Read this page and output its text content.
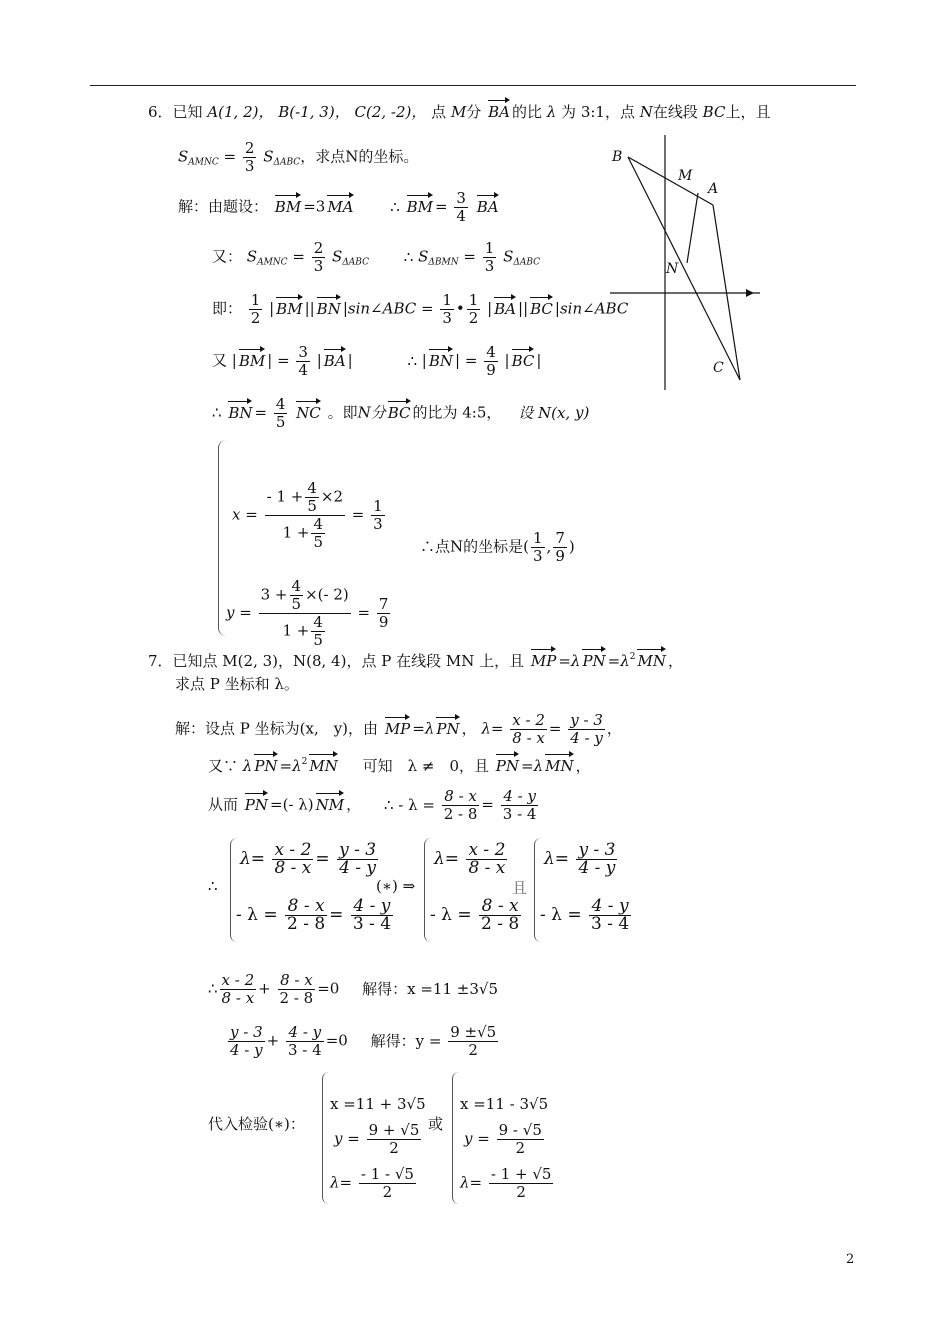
6．已知 A(1, 2)， B(-1, 3)， C(2, -2)， 点 M分 BA 的比 λ 为 3:1，点 N在线段 BC上，且
$S_{AMNC} = \frac{2}{3} S_{\Delta ABC}$，求点N的坐标。
解：由题设： BM =3 MA ∴ BM = $\frac{3}{4}$ BA
又： $S_{AMNC} = \frac{2}{3} S_{\Delta ABC}$ ∴ $S_{\Delta BMN} = \frac{1}{3} S_{\Delta ABC}$
即： $\frac{1}{2}$ | BM || BN |sin∠ABC = $\frac{1}{3}$ • $\frac{1}{2}$ | BA || BC |sin∠ABC
又 | BM | = $\frac{3}{4}$ | BA |	∴ | BN | = $\frac{4}{9}$ | BC |
∴ BN = $\frac{4}{5}$ NC 。即N分 BC 的比为 4:5， 设 N(x, y)
$x = \frac{- 1 + \frac{4}{5} \times 2}{1 + \frac{4}{5}} = \frac{1}{3}$
∴点N的坐标是( $\frac{1}{3}$ , $\frac{7}{9}$ )
$y = \frac{3 + \frac{4}{5} \times(- 2)}{1 + \frac{4}{5}} = \frac{7}{9}$
B
M
A
N
C
7．已知点 M(2, 3)，N(8, 4)，点 P 在线段 MN 上，且 MP =λ PN $=\lambda^2$ MN ，
求点 P 坐标和 λ。
解：设点 P 坐标为(x,　y)，由 MP =λ PN ， $\lambda= \frac{x - 2}{8 - x} = \frac{y - 3}{4 - y}$ ，
又∵ λ PN $=\lambda^2$ MN 可知　λ ≠　0，且 PN =λ MN ，
从而 PN =(- λ) NM ， ∴ - $\lambda = \frac{8 - x}{2 - 8} = \frac{4 - y}{3 - 4}$
∴
$\lambda= \frac{x - 2}{8 - x} = \frac{y - 3}{4 - y}$
- $\lambda = \frac{8 - x}{2 - 8} = \frac{4 - y}{3 - 4}$
(∗) ⇒
$\lambda= \frac{x - 2}{8 - x}$
- $\lambda = \frac{8 - x}{2 - 8}$
且
$\lambda= \frac{y - 3}{4 - y}$
- $\lambda = \frac{4 - y}{3 - 4}$
∴ $\frac{x - 2}{8 - x} + \frac{8 - x}{2 - 8} =0$ 解得：x =11 ±3√5
$\frac{y - 3}{4 - y} + \frac{4 - y}{3 - 4} =0$ 解得：$y = \frac{9 \pm√5}{2}$
代入检验(∗)：
x =11 + 3√5
$y = \frac{9 + √5}{2}$
$\lambda= \frac{- 1 - √5}{2}$
或
x =11 - 3√5
$y = \frac{9 - √5}{2}$
$\lambda= \frac{- 1 + √5}{2}$
2
